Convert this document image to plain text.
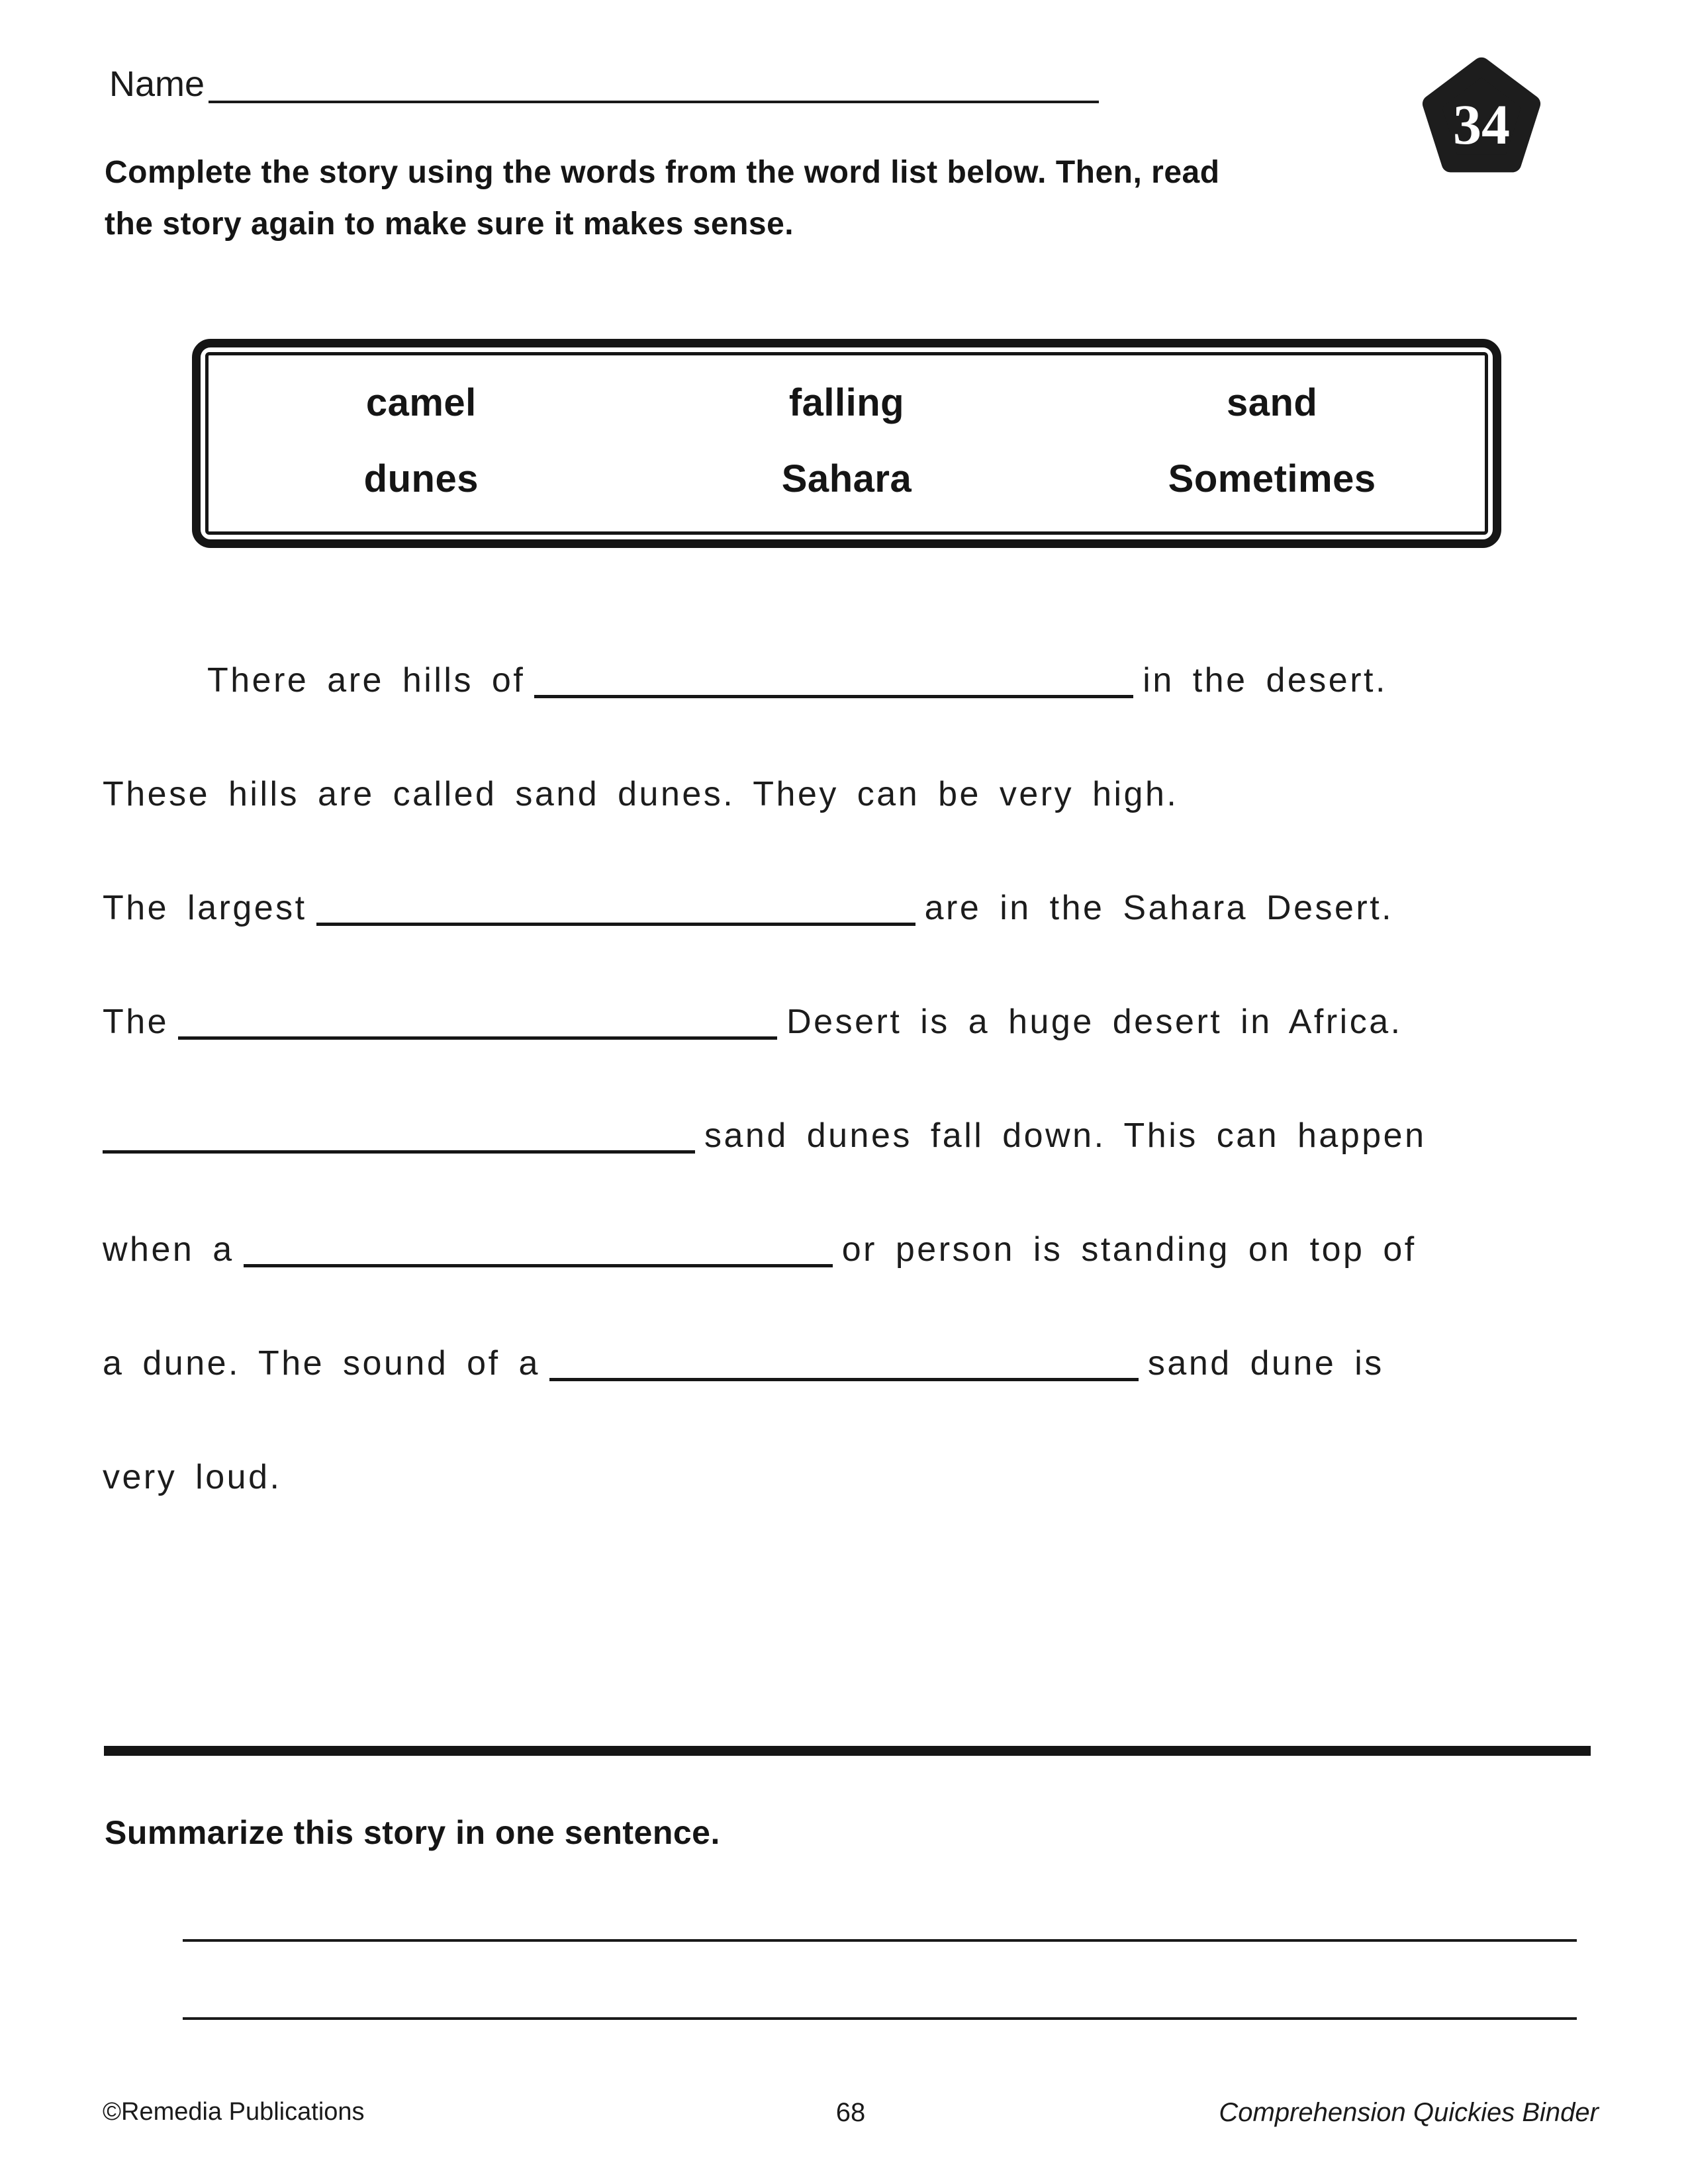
Name
34
Complete the story using the words from the word list below. Then, read
the story again to make sure it makes sense.
camel	falling	sand
dunes	Sahara	Sometimes
There are hills of	in the desert.
These hills are called sand dunes. They can be very high.
The largest	are in the Sahara Desert.
The	Desert is a huge desert in Africa.
sand dunes fall down. This can happen
when a	or person is standing on top of
a dune. The sound of a	sand dune is
very loud.
Summarize this story in one sentence.
©Remedia Publications	68	Comprehension Quickies Binder
